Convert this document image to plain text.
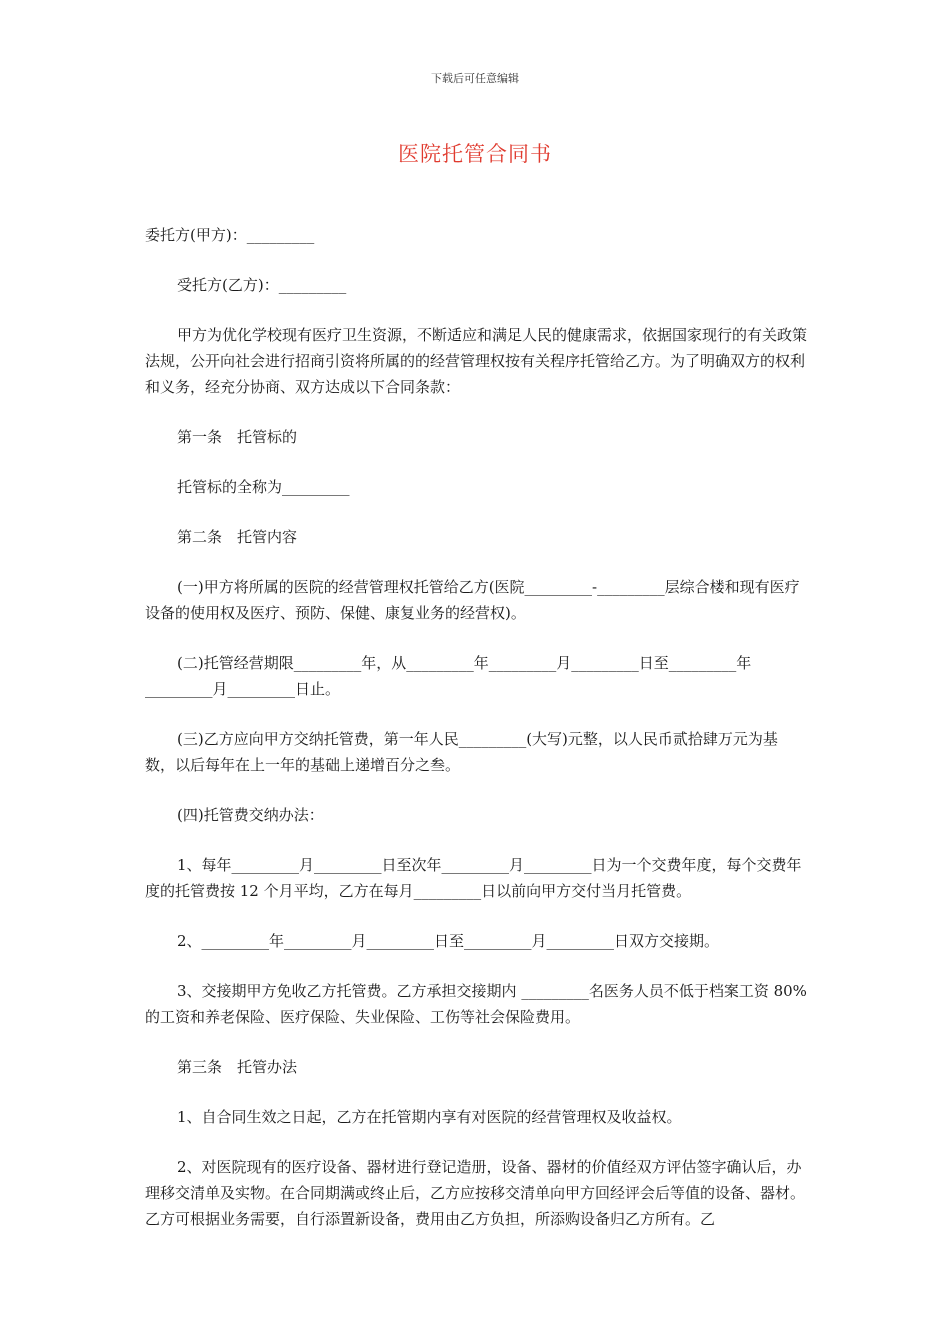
下载后可任意编辑
医院托管合同书

委托方(甲方)：_________

受托方(乙方)：_________

甲方为优化学校现有医疗卫生资源，不断适应和满足人民的健康需求，依据国家现行的有关政策法规，公开向社会进行招商引资将所属的的经营管理权按有关程序托管给乙方。为了明确双方的权利和义务，经充分协商、双方达成以下合同条款：

第一条　托管标的

托管标的全称为_________

第二条　托管内容

(一)甲方将所属的医院的经营管理权托管给乙方(医院_________-_________层综合楼和现有医疗设备的使用权及医疗、预防、保健、康复业务的经营权)。

(二)托管经营期限_________年，从_________年_________月_________日至_________年_________月_________日止。

(三)乙方应向甲方交纳托管费，第一年人民_________(大写)元整，以人民币贰拾肆万元为基数，以后每年在上一年的基础上递增百分之叁。

(四)托管费交纳办法：

1、每年_________月_________日至次年_________月_________日为一个交费年度，每个交费年度的托管费按 12 个月平均，乙方在每月_________日以前向甲方交付当月托管费。

2、_________年_________月_________日至_________月_________日双方交接期。

3、交接期甲方免收乙方托管费。乙方承担交接期内 _________名医务人员不低于档案工资 80%的工资和养老保险、医疗保险、失业保险、工伤等社会保险费用。

第三条　托管办法

1、自合同生效之日起，乙方在托管期内享有对医院的经营管理权及收益权。

2、对医院现有的医疗设备、器材进行登记造册，设备、器材的价值经双方评估签字确认后，办理移交清单及实物。在合同期满或终止后，乙方应按移交清单向甲方回经评会后等值的设备、器材。乙方可根据业务需要，自行添置新设备，费用由乙方负担，所添购设备归乙方所有。乙
